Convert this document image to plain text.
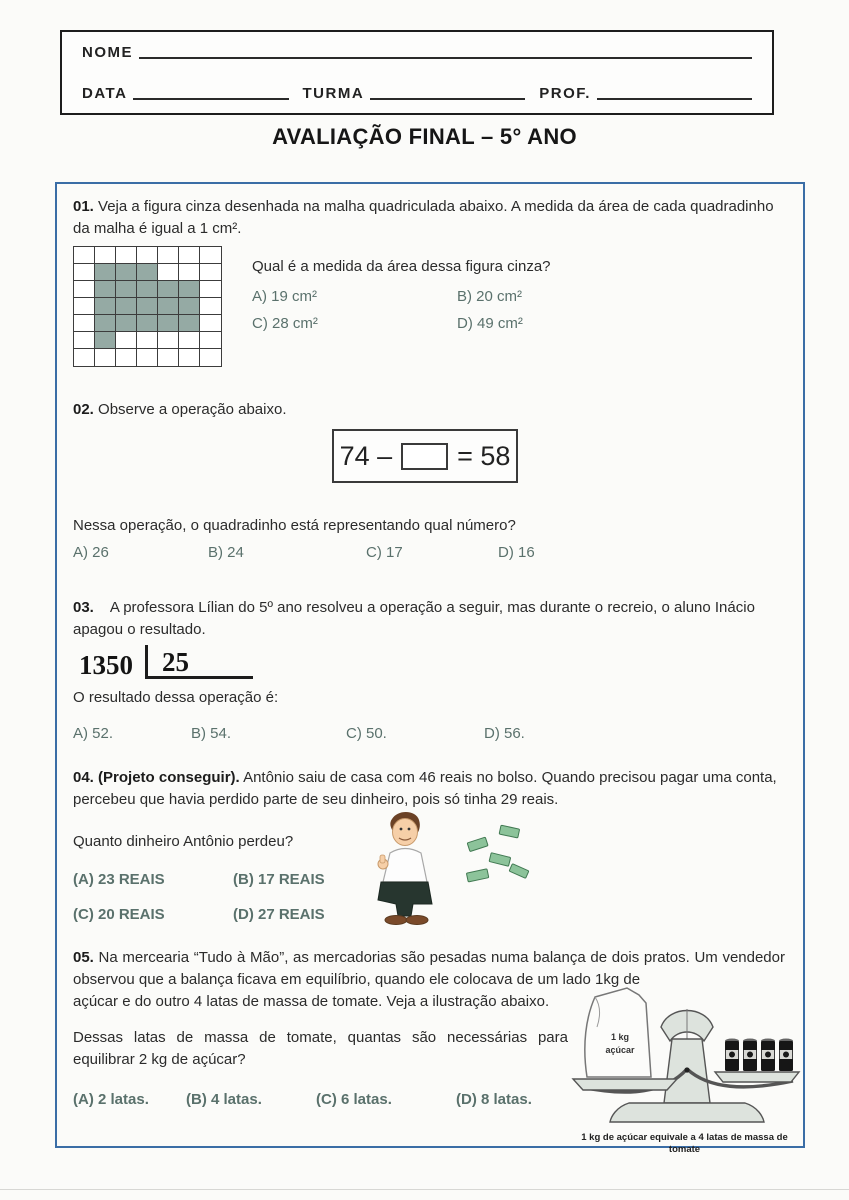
NOME
DATA	TURMA	PROF.
AVALIAÇÃO FINAL – 5° ANO

01. Veja a figura cinza desenhada na malha quadriculada abaixo. A medida da área de cada quadradinho da malha é igual a 1 cm².

Qual é a medida da área dessa figura cinza?
A) 19 cm²	B) 20 cm²
C) 28 cm²	D) 49 cm²

02. Observe a operação abaixo.

74 – = 58

Nessa operação, o quadradinho está representando qual número?

A) 26	B) 24	C) 17	D) 16

03. A professora Lílian do 5º ano resolveu a operação a seguir, mas durante o recreio, o aluno Inácio apagou o resultado.

1350	25

O resultado dessa operação é:

A) 52.	B) 54.	C) 50.	D) 56.

04. (Projeto conseguir). Antônio saiu de casa com 46 reais no bolso. Quando precisou pagar uma conta, percebeu que havia perdido parte de seu dinheiro, pois só tinha 29 reais.

Quanto dinheiro Antônio perdeu?

(A) 23 REAIS	(B) 17 REAIS
(C) 20 REAIS	(D) 27 REAIS

05. Na mercearia “Tudo à Mão”, as mercadorias são pesadas numa balança de dois pratos. Um vendedor observou que a balança ficava em equilíbrio, quando ele colocava de um lado 1kg de

açúcar e do outro 4 latas de massa de tomate. Veja a ilustração abaixo.

Dessas latas de massa de tomate, quantas são necessárias para equilibrar 2 kg de açúcar?

(A) 2 latas.	(B) 4 latas.	(C) 6 latas.	(D) 8 latas.
1 kg
açúcar
1 kg de açúcar equivale a 4 latas de massa de tomate
